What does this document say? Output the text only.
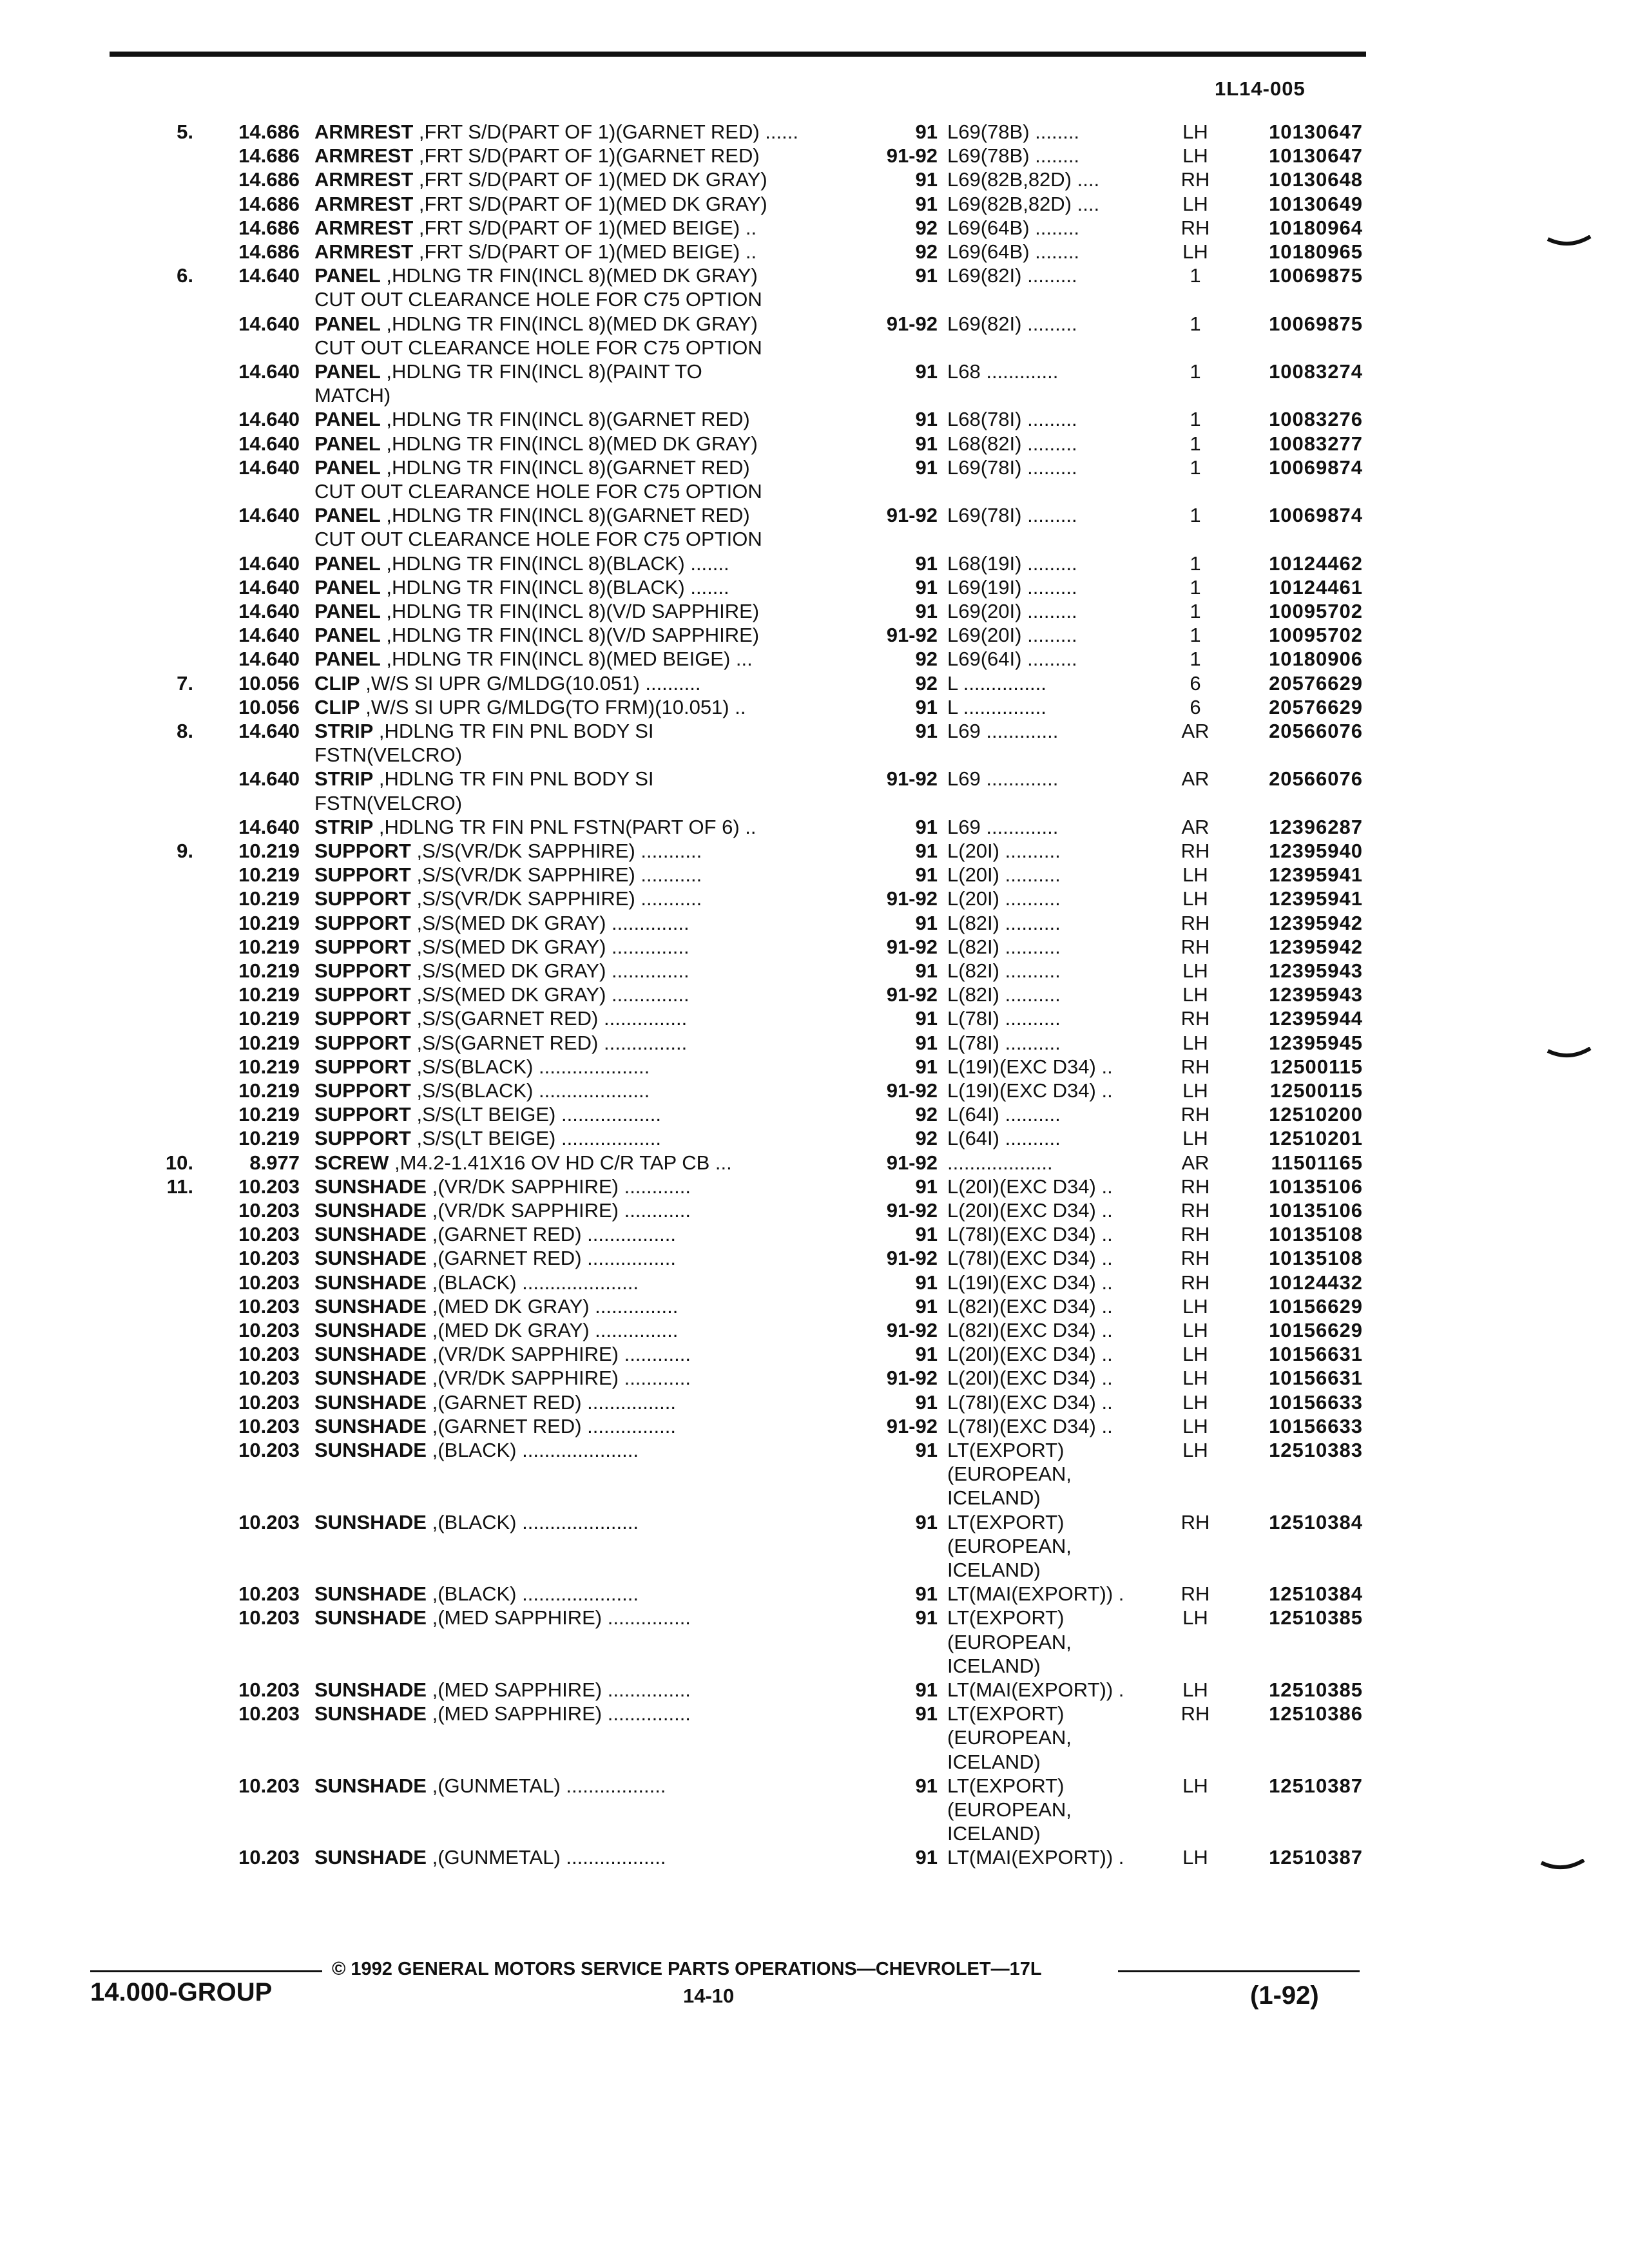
1L14-005
5.	14.686 ARMREST ,FRT S/D(PART OF 1)(GARNET RED) ......	91 L69(78B) ........	LH	10130647
14.686 ARMREST ,FRT S/D(PART OF 1)(GARNET RED)	91-92 L69(78B) ........	LH	10130647
14.686 ARMREST ,FRT S/D(PART OF 1)(MED DK GRAY)	91 L69(82B,82D) ....	RH	10130648
14.686 ARMREST ,FRT S/D(PART OF 1)(MED DK GRAY)	91 L69(82B,82D) ....	LH	10130649
14.686 ARMREST ,FRT S/D(PART OF 1)(MED BEIGE) ..	92 L69(64B) ........	RH	10180964
14.686 ARMREST ,FRT S/D(PART OF 1)(MED BEIGE) ..	92 L69(64B) ........	LH	10180965
6.	14.640 PANEL ,HDLNG TR FIN(INCL 8)(MED DK GRAY)	91 L69(82I) .........	1	10069875
CUT OUT CLEARANCE HOLE FOR C75 OPTION
14.640 PANEL ,HDLNG TR FIN(INCL 8)(MED DK GRAY)	91-92 L69(82I) .........	1	10069875
CUT OUT CLEARANCE HOLE FOR C75 OPTION
14.640 PANEL ,HDLNG TR FIN(INCL 8)(PAINT TO	91 L68 .............	1	10083274
MATCH)
14.640 PANEL ,HDLNG TR FIN(INCL 8)(GARNET RED)	91 L68(78I) .........	1	10083276
14.640 PANEL ,HDLNG TR FIN(INCL 8)(MED DK GRAY)	91 L68(82I) .........	1	10083277
14.640 PANEL ,HDLNG TR FIN(INCL 8)(GARNET RED)	91 L69(78I) .........	1	10069874
CUT OUT CLEARANCE HOLE FOR C75 OPTION
14.640 PANEL ,HDLNG TR FIN(INCL 8)(GARNET RED)	91-92 L69(78I) .........	1	10069874
CUT OUT CLEARANCE HOLE FOR C75 OPTION
14.640 PANEL ,HDLNG TR FIN(INCL 8)(BLACK) .......	91 L68(19I) .........	1	10124462
14.640 PANEL ,HDLNG TR FIN(INCL 8)(BLACK) .......	91 L69(19I) .........	1	10124461
14.640 PANEL ,HDLNG TR FIN(INCL 8)(V/D SAPPHIRE)	91 L69(20I) .........	1	10095702
14.640 PANEL ,HDLNG TR FIN(INCL 8)(V/D SAPPHIRE)	91-92 L69(20I) .........	1	10095702
14.640 PANEL ,HDLNG TR FIN(INCL 8)(MED BEIGE) ...	92 L69(64I) .........	1	10180906
7.	10.056 CLIP ,W/S SI UPR G/MLDG(10.051) ..........	92 L ...............	6	20576629
10.056 CLIP ,W/S SI UPR G/MLDG(TO FRM)(10.051) ..	91 L ...............	6	20576629
8.	14.640 STRIP ,HDLNG TR FIN PNL BODY SI	91 L69 .............	AR	20566076
FSTN(VELCRO)
14.640 STRIP ,HDLNG TR FIN PNL BODY SI	91-92 L69 .............	AR	20566076
FSTN(VELCRO)
14.640 STRIP ,HDLNG TR FIN PNL FSTN(PART OF 6) ..	91 L69 .............	AR	12396287
9.	10.219 SUPPORT ,S/S(VR/DK SAPPHIRE) ...........	91 L(20I) ..........	RH	12395940
10.219 SUPPORT ,S/S(VR/DK SAPPHIRE) ...........	91 L(20I) ..........	LH	12395941
10.219 SUPPORT ,S/S(VR/DK SAPPHIRE) ...........	91-92 L(20I) ..........	LH	12395941
10.219 SUPPORT ,S/S(MED DK GRAY) ..............	91 L(82I) ..........	RH	12395942
10.219 SUPPORT ,S/S(MED DK GRAY) ..............	91-92 L(82I) ..........	RH	12395942
10.219 SUPPORT ,S/S(MED DK GRAY) ..............	91 L(82I) ..........	LH	12395943
10.219 SUPPORT ,S/S(MED DK GRAY) ..............	91-92 L(82I) ..........	LH	12395943
10.219 SUPPORT ,S/S(GARNET RED) ...............	91 L(78I) ..........	RH	12395944
10.219 SUPPORT ,S/S(GARNET RED) ...............	91 L(78I) ..........	LH	12395945
10.219 SUPPORT ,S/S(BLACK) ....................	91 L(19I)(EXC D34) ..	RH	12500115
10.219 SUPPORT ,S/S(BLACK) ....................	91-92 L(19I)(EXC D34) ..	LH	12500115
10.219 SUPPORT ,S/S(LT BEIGE) ..................	92 L(64I) ..........	RH	12510200
10.219 SUPPORT ,S/S(LT BEIGE) ..................	92 L(64I) ..........	LH	12510201
10.	8.977 SCREW ,M4.2-1.41X16 OV HD C/R TAP CB ...	91-92 ...................	AR	11501165
11.	10.203 SUNSHADE ,(VR/DK SAPPHIRE) ............	91 L(20I)(EXC D34) ..	RH	10135106
10.203 SUNSHADE ,(VR/DK SAPPHIRE) ............	91-92 L(20I)(EXC D34) ..	RH	10135106
10.203 SUNSHADE ,(GARNET RED) ................	91 L(78I)(EXC D34) ..	RH	10135108
10.203 SUNSHADE ,(GARNET RED) ................	91-92 L(78I)(EXC D34) ..	RH	10135108
10.203 SUNSHADE ,(BLACK) .....................	91 L(19I)(EXC D34) ..	RH	10124432
10.203 SUNSHADE ,(MED DK GRAY) ...............	91 L(82I)(EXC D34) ..	LH	10156629
10.203 SUNSHADE ,(MED DK GRAY) ...............	91-92 L(82I)(EXC D34) ..	LH	10156629
10.203 SUNSHADE ,(VR/DK SAPPHIRE) ............	91 L(20I)(EXC D34) ..	LH	10156631
10.203 SUNSHADE ,(VR/DK SAPPHIRE) ............	91-92 L(20I)(EXC D34) ..	LH	10156631
10.203 SUNSHADE ,(GARNET RED) ................	91 L(78I)(EXC D34) ..	LH	10156633
10.203 SUNSHADE ,(GARNET RED) ................	91-92 L(78I)(EXC D34) ..	LH	10156633
10.203 SUNSHADE ,(BLACK) .....................	91 LT(EXPORT)	LH	12510383
(EUROPEAN,
ICELAND)
10.203 SUNSHADE ,(BLACK) .....................	91 LT(EXPORT)	RH	12510384
(EUROPEAN,
ICELAND)
10.203 SUNSHADE ,(BLACK) .....................	91 LT(MAI(EXPORT)) .	RH	12510384
10.203 SUNSHADE ,(MED SAPPHIRE) ...............	91 LT(EXPORT)	LH	12510385
(EUROPEAN,
ICELAND)
10.203 SUNSHADE ,(MED SAPPHIRE) ...............	91 LT(MAI(EXPORT)) .	LH	12510385
10.203 SUNSHADE ,(MED SAPPHIRE) ...............	91 LT(EXPORT)	RH	12510386
(EUROPEAN,
ICELAND)
10.203 SUNSHADE ,(GUNMETAL) ..................	91 LT(EXPORT)	LH	12510387
(EUROPEAN,
ICELAND)
10.203 SUNSHADE ,(GUNMETAL) ..................	91 LT(MAI(EXPORT)) .	LH	12510387
© 1992 GENERAL MOTORS SERVICE PARTS OPERATIONS—CHEVROLET—17L
14.000-GROUP	14-10	(1-92)
